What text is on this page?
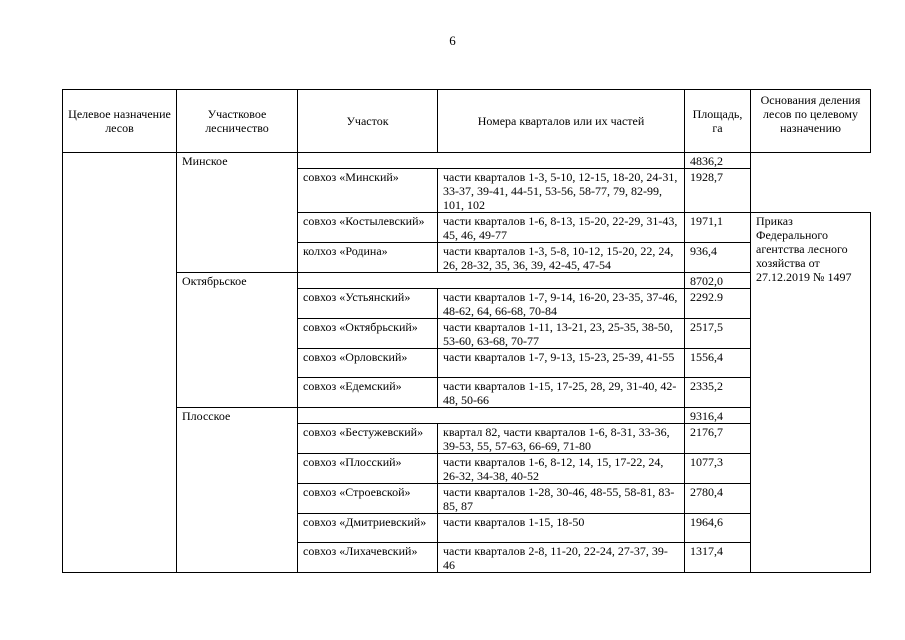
6
Целевое назначение лесов	Участковое лесничество	Участок	Номера кварталов или их частей	Площадь, га	Основания деления лесов по целевому назначению
	Минское			4836,2	
		совхоз «Минский»	части кварталов 1-3, 5-10, 12-15, 18-20, 24-31, 33-37, 39-41, 44-51, 53-56, 58-77, 79, 82-99, 101, 102	1928,7	
		совхоз «Костылевский»	части кварталов 1-6, 8-13, 15-20, 22-29, 31-43, 45, 46, 49-77	1971,1	Приказ Федерального агентства лесного хозяйства от 27.12.2019 № 1497
		колхоз «Родина»	части кварталов 1-3, 5-8, 10-12, 15-20, 22, 24, 26, 28-32, 35, 36, 39, 42-45, 47-54	936,4	
	Октябрьское			8702,0	
		совхоз «Устьянский»	части кварталов 1-7, 9-14, 16-20, 23-35, 37-46, 48-62, 64, 66-68, 70-84	2292.9	
		совхоз «Октябрьский»	части кварталов 1-11, 13-21, 23, 25-35, 38-50, 53-60, 63-68, 70-77	2517,5	
		совхоз «Орловский»	части кварталов 1-7, 9-13, 15-23, 25-39, 41-55	1556,4	
		совхоз «Едемский»	части кварталов 1-15, 17-25, 28, 29, 31-40, 42-48, 50-66	2335,2	
	Плосское			9316,4	
		совхоз «Бестужевский»	квартал 82, части кварталов 1-6, 8-31, 33-36, 39-53, 55, 57-63, 66-69, 71-80	2176,7	
		совхоз «Плосский»	части кварталов 1-6, 8-12, 14, 15, 17-22, 24, 26-32, 34-38, 40-52	1077,3	
		совхоз «Строевской»	части кварталов 1-28, 30-46, 48-55, 58-81, 83-85, 87	2780,4	
		совхоз «Дмитриевский»	части кварталов 1-15, 18-50	1964,6	
		совхоз «Лихачевский»	части кварталов 2-8, 11-20, 22-24, 27-37, 39-46	1317,4	
